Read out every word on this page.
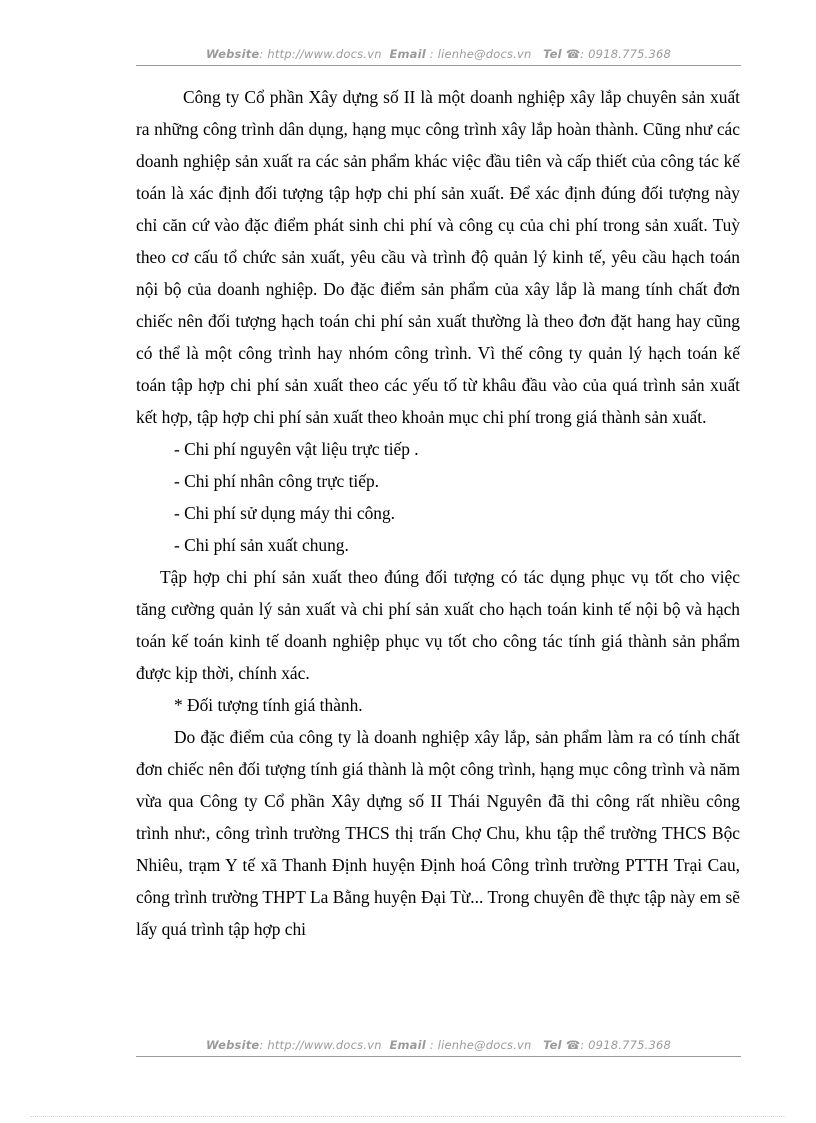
Website: http://www.docs.vn Email : lienhe@docs.vn Tel ☎: 0918.775.368

Công ty Cổ phần Xây dựng số II là một doanh nghiệp xây lắp chuyên sản xuất ra những công trình dân dụng, hạng mục công trình xây lắp hoàn thành. Cũng như các doanh nghiệp sản xuất ra các sản phẩm khác việc đầu tiên và cấp thiết của công tác kế toán là xác định đối tượng tập hợp chi phí sản xuất. Để xác định đúng đối tượng này chỉ căn cứ vào đặc điểm phát sinh chi phí và công cụ của chi phí trong sản xuất. Tuỳ theo cơ cấu tổ chức sản xuất, yêu cầu và trình độ quản lý kinh tế, yêu cầu hạch toán nội bộ của doanh nghiệp. Do đặc điểm sản phẩm của xây lắp là mang tính chất đơn chiếc nên đối tượng hạch toán chi phí sản xuất thường là theo đơn đặt hang hay cũng có thể là một công trình hay nhóm công trình. Vì thế công ty quản lý hạch toán kế toán tập hợp chi phí sản xuất theo các yếu tố từ khâu đầu vào của quá trình sản xuất kết hợp, tập hợp chi phí sản xuất theo khoản mục chi phí trong giá thành sản xuất.

- Chi phí nguyên vật liệu trực tiếp .

- Chi phí nhân công trực tiếp.

- Chi phí sử dụng máy thi công.

- Chi phí sản xuất chung.

Tập hợp chi phí sản xuất theo đúng đối tượng có tác dụng phục vụ tốt cho việc tăng cường quản lý sản xuất và chi phí sản xuất cho hạch toán kinh tế nội bộ và hạch toán kế toán kinh tế doanh nghiệp phục vụ tốt cho công tác tính giá thành sản phẩm được kịp thời, chính xác.

* Đối tượng tính giá thành.

Do đặc điểm của công ty là doanh nghiệp xây lắp, sản phẩm làm ra có tính chất đơn chiếc nên đối tượng tính giá thành là một công trình, hạng mục công trình và năm vừa qua Công ty Cổ phần Xây dựng số II Thái Nguyên đã thi công rất nhiều công trình như:, công trình trường THCS thị trấn Chợ Chu, khu tập thể trường THCS Bộc Nhiêu, trạm Y tế xã Thanh Định huyện Định hoá Công trình trường PTTH Trại Cau, công trình trường THPT La Bằng huyện Đại Từ... Trong chuyên đề thực tập này em sẽ lấy quá trình tập hợp chi

Website: http://www.docs.vn Email : lienhe@docs.vn Tel ☎: 0918.775.368
